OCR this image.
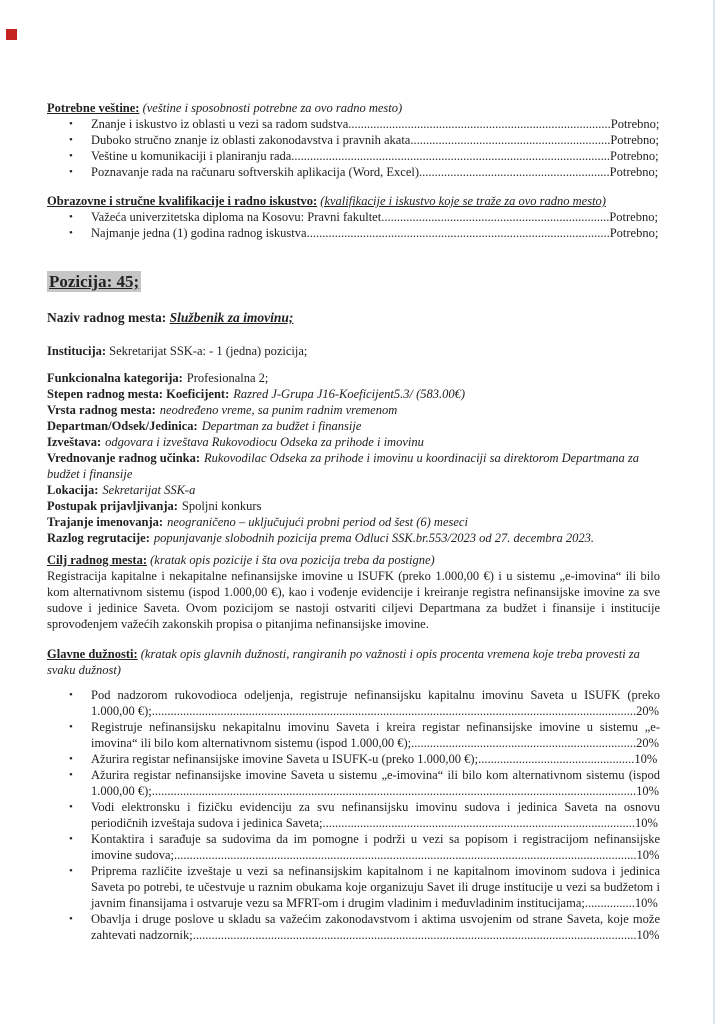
Potrebne veštine: (veštine i sposobnosti potrebne za ovo radno mesto)

•	Znanje i iskustvo iz oblasti u vezi sa radom sudstva....................................................................................Potrebno;
•	Duboko stručno znanje iz oblasti zakonodavstva i pravnih akata................................................................Potrebno;
•	Veštine u komunikaciji i planiranju rada......................................................................................................Potrebno;
•	Poznavanje rada na računaru softverskih aplikacija (Word, Excel).............................................................Potrebno;

Obrazovne i stručne kvalifikacije i radno iskustvo: (kvalifikacije i iskustvo koje se traže za ovo radno mesto)

•	Važeća univerzitetska diploma na Kosovu: Pravni fakultet.........................................................................Potrebno;
•	Najmanje jedna (1) godina radnog iskustva.................................................................................................Potrebno;

Pozicija: 45;

Naziv radnog mesta: Službenik za imovinu;

Institucija: Sekretarijat SSK-a: - 1 (jedna) pozicija;

Funkcionalna kategorija: Profesionalna 2;

Stepen radnog mesta: Koeficijent: Razred J-Grupa J16-Koeficijent5.3/ (583.00€)

Vrsta radnog mesta: neodređeno vreme, sa punim radnim vremenom

Departman/Odsek/Jedinica: Departman za budžet i finansije

Izveštava: odgovara i izveštava Rukovodiocu Odseka za prihode i imovinu

Vrednovanje radnog učinka: Rukovodilac Odseka za prihode i imovinu u koordinaciji sa direktorom Departmana za budžet i finansije

Lokacija: Sekretarijat SSK-a

Postupak prijavljivanja: Spoljni konkurs

Trajanje imenovanja: neograničeno – uključujući probni period od šest (6) meseci

Razlog regrutacije: popunjavanje slobodnih pozicija prema Odluci SSK.br.553/2023 od 27. decembra 2023.

Cilj radnog mesta: (kratak opis pozicije i šta ova pozicija treba da postigne)

Registracija kapitalne i nekapitalne nefinansijske imovine u ISUFK (preko 1.000,00 €) i u sistemu „e-imovina“ ili bilo kom alternativnom sistemu (ispod 1.000,00 €), kao i vođenje evidencije i kreiranje registra nefinansijske imovine za sve sudove i jedinice Saveta. Ovom pozicijom se nastoji ostvariti ciljevi Departmana za budžet i finansije i institucije sprovođenjem važećih zakonskih propisa o pitanjima nefinansijske imovine.

Glavne dužnosti: (kratak opis glavnih dužnosti, rangiranih po važnosti i opis procenta vremena koje treba provesti za svaku dužnost)

•	Pod nadzorom rukovodioca odeljenja, registruje nefinansijsku kapitalnu imovinu Saveta u ISUFK (preko 1.000,00 €);...........................................................................................................................................................20%
•	Registruje nefinansijsku nekapitalnu imovinu Saveta i kreira registar nefinansijske imovine u sistemu „e-imovina“ ili bilo kom alternativnom sistemu (ispod 1.000,00 €);........................................................................20%
•	Ažurira registar nefinansijske imovine Saveta u ISUFK-u (preko 1.000,00 €);..................................................10%
•	Ažurira registar nefinansijske imovine Saveta u sistemu „e-imovina“ ili bilo kom alternativnom sistemu (ispod 1.000,00 €);...........................................................................................................................................................10%
•	Vodi elektronsku i fizičku evidenciju za svu nefinansijsku imovinu sudova i jedinica Saveta na osnovu periodičnih izveštaja sudova i jedinica Saveta;....................................................................................................10%
•	Kontaktira i sarađuje sa sudovima da im pomogne i podrži u vezi sa popisom i registracijom nefinansijske imovine sudova;....................................................................................................................................................10%
•	Priprema različite izveštaje u vezi sa nefinansijskim kapitalnom i ne kapitalnom imovinom sudova i jedinica Saveta po potrebi, te učestvuje u raznim obukama koje organizuju Savet ili druge institucije u vezi sa budžetom i javnim finansijama i ostvaruje vezu sa MFRT-om i drugim vladinim i međuvladinim institucijama;................10%
•	Obavlja i druge poslove u skladu sa važećim zakonodavstvom i aktima usvojenim od strane Saveta, koje može zahtevati nadzornik;..............................................................................................................................................10%
